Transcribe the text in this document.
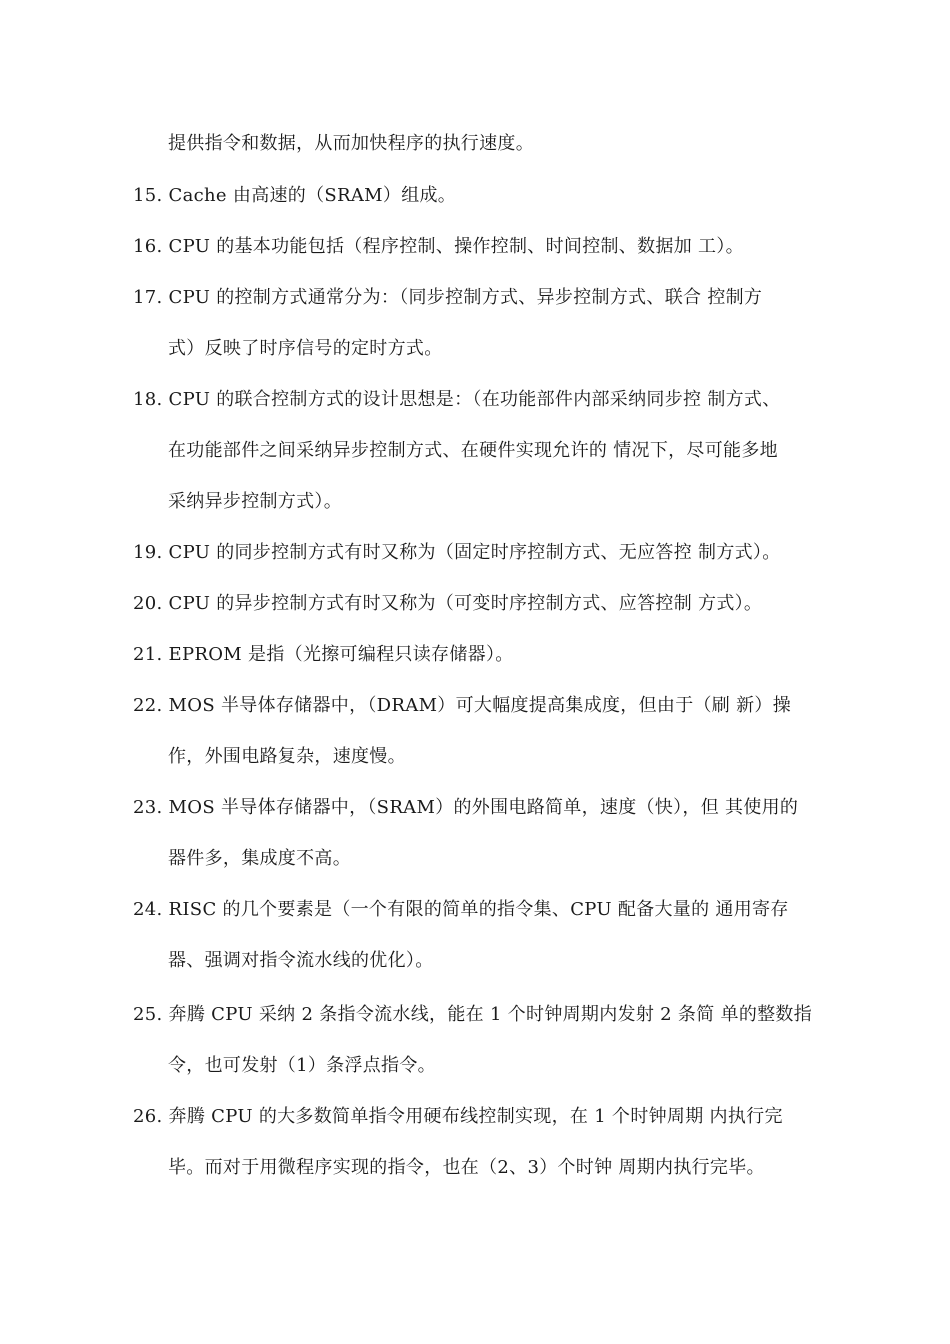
提供指令和数据，从而加快程序的执行速度。
15. Cache 由高速的（SRAM）组成。
16. CPU 的基本功能包括（程序控制、操作控制、时间控制、数据加 工）。
17. CPU 的控制方式通常分为：（同步控制方式、异步控制方式、联合 控制方
式）反映了时序信号的定时方式。
18. CPU 的联合控制方式的设计思想是：（在功能部件内部采纳同步控 制方式、
在功能部件之间采纳异步控制方式、在硬件实现允许的 情况下，尽可能多地
采纳异步控制方式）。
19. CPU 的同步控制方式有时又称为（固定时序控制方式、无应答控 制方式）。
20. CPU 的异步控制方式有时又称为（可变时序控制方式、应答控制 方式）。
21. EPROM 是指（光擦可编程只读存储器）。
22. MOS 半导体存储器中，（DRAM）可大幅度提高集成度，但由于（刷 新）操
作，外围电路复杂，速度慢。
23. MOS 半导体存储器中，（SRAM）的外围电路简单，速度（快），但 其使用的
器件多，集成度不高。
24. RISC 的几个要素是（一个有限的简单的指令集、CPU 配备大量的 通用寄存
器、强调对指令流水线的优化）。
25. 奔腾 CPU 采纳 2 条指令流水线，能在 1 个时钟周期内发射 2 条简 单的整数指
令，也可发射（1）条浮点指令。
26. 奔腾 CPU 的大多数简单指令用硬布线控制实现，在 1 个时钟周期 内执行完
毕。而对于用微程序实现的指令，也在（2、3）个时钟 周期内执行完毕。
